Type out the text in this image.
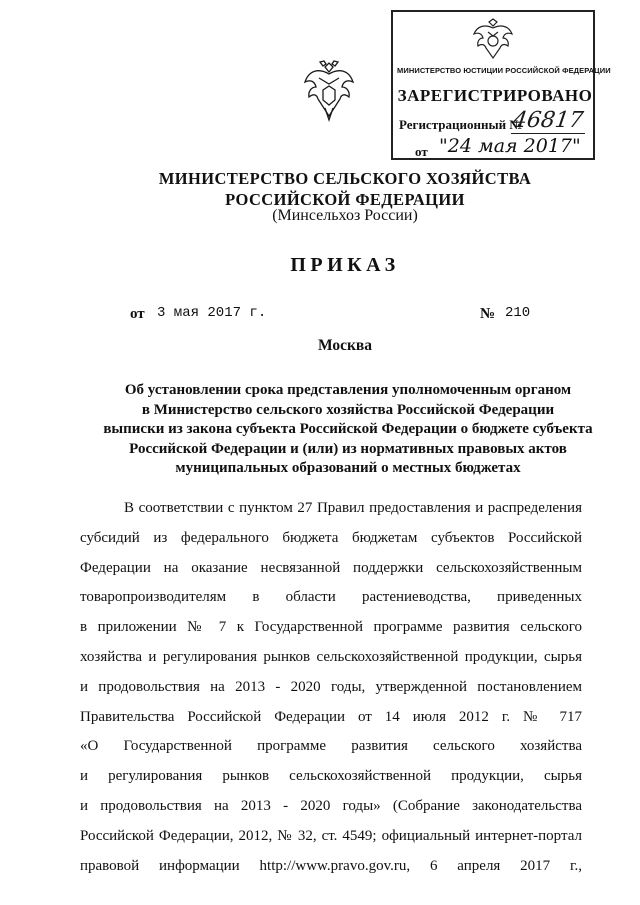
МИНИСТЕРСТВО ЮСТИЦИИ РОССИЙСКОЙ ФЕДЕРАЦИИ
ЗАРЕГИСТРИРОВАНО
Регистрационный №
46817
от "24 мая 2017"
МИНИСТЕРСТВО СЕЛЬСКОГО ХОЗЯЙСТВА
РОССИЙСКОЙ ФЕДЕРАЦИИ
(Минсельхоз России)
ПРИКАЗ
от 3 мая 2017 г.	№ 210
Москва
Об установлении срока представления уполномоченным органом
в Министерство сельского хозяйства Российской Федерации
выписки из закона субъекта Российской Федерации о бюджете субъекта
Российской Федерации и (или) из нормативных правовых актов
муниципальных образований о местных бюджетах
В соответствии с пунктом 27 Правил предоставления и распределения
субсидий из федерального бюджета бюджетам субъектов Российской
Федерации на оказание несвязанной поддержки сельскохозяйственным
товаропроизводителям в области растениеводства, приведенных
в приложении № 7 к Государственной программе развития сельского
хозяйства и регулирования рынков сельскохозяйственной продукции, сырья
и продовольствия на 2013 - 2020 годы, утвержденной постановлением
Правительства Российской Федерации от 14 июля 2012 г. № 717
«О Государственной программе развития сельского хозяйства
и регулирования рынков сельскохозяйственной продукции, сырья
и продовольствия на 2013 - 2020 годы» (Собрание законодательства
Российской Федерации, 2012, № 32, ст. 4549; официальный интернет-портал
правовой информации http://www.pravo.gov.ru, 6 апреля 2017 г.,
